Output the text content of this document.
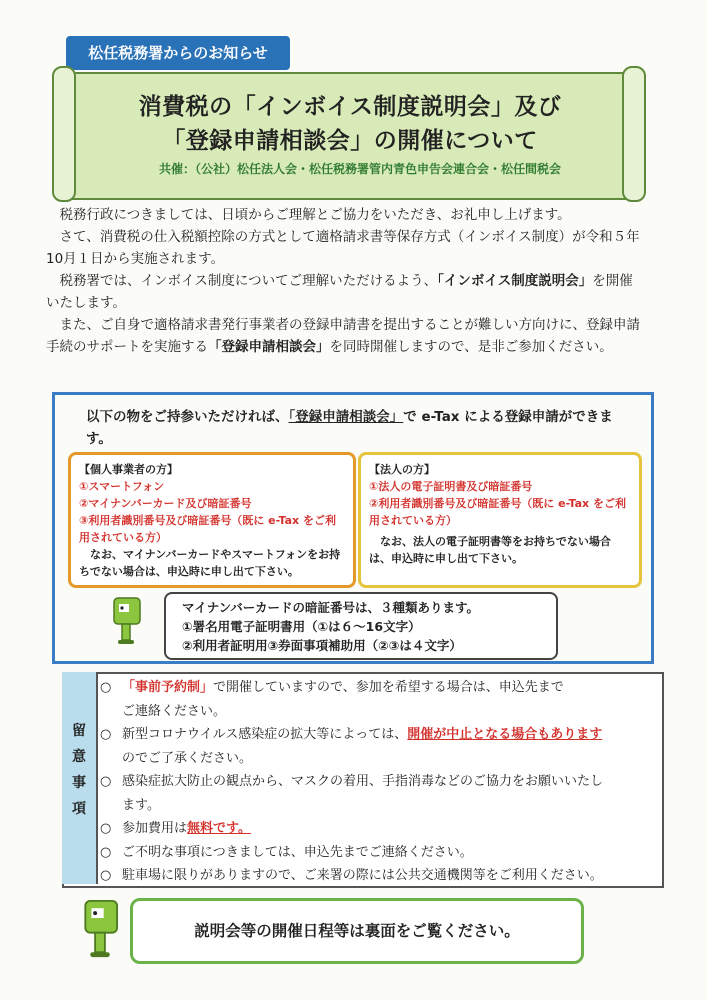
松任税務署からのお知らせ
消費税の「インボイス制度説明会」及び
「登録申請相談会」の開催について
共催：（公社）松任法人会・松任税務署管内青色申告会連合会・松任間税会

税務行政につきましては、日頃からご理解とご協力をいただき、お礼申し上げます。

さて、消費税の仕入税額控除の方式として適格請求書等保存方式（インボイス制度）が令和５年10月１日から実施されます。

税務署では、インボイス制度についてご理解いただけるよう、「インボイス制度説明会」を開催いたします。

また、ご自身で適格請求書発行事業者の登録申請書を提出することが難しい方向けに、登録申請手続のサポートを実施する「登録申請相談会」を同時開催しますので、是非ご参加ください。

以下の物をご持参いただければ、「登録申請相談会」で e-Tax による登録申請ができます。
【個人事業者の方】
①スマートフォン
②マイナンバーカード及び暗証番号
③利用者識別番号及び暗証番号（既に e-Tax をご利用されている方）
なお、マイナンバーカードやスマートフォンをお持ちでない場合は、申込時に申し出て下さい。
【法人の方】
①法人の電子証明書及び暗証番号
②利用者識別番号及び暗証番号（既に e-Tax をご利用されている方）
なお、法人の電子証明書等をお持ちでない場合は、申込時に申し出て下さい。
マイナンバーカードの暗証番号は、３種類あります。
①署名用電子証明書用（①は６～16文字）
②利用者証明用③券面事項補助用（②③は４文字）
留
意
事
項
○ 「事前予約制」で開催していますので、参加を希望する場合は、申込先まで
ご連絡ください。
○ 新型コロナウイルス感染症の拡大等によっては、開催が中止となる場合もあります
のでご了承ください。
○ 感染症拡大防止の観点から、マスクの着用、手指消毒などのご協力をお願いいたし
ます。
○ 参加費用は無料です。
○ ご不明な事項につきましては、申込先までご連絡ください。
○ 駐車場に限りがありますので、ご来署の際には公共交通機関等をご利用ください。
説明会等の開催日程等は裏面をご覧ください。
